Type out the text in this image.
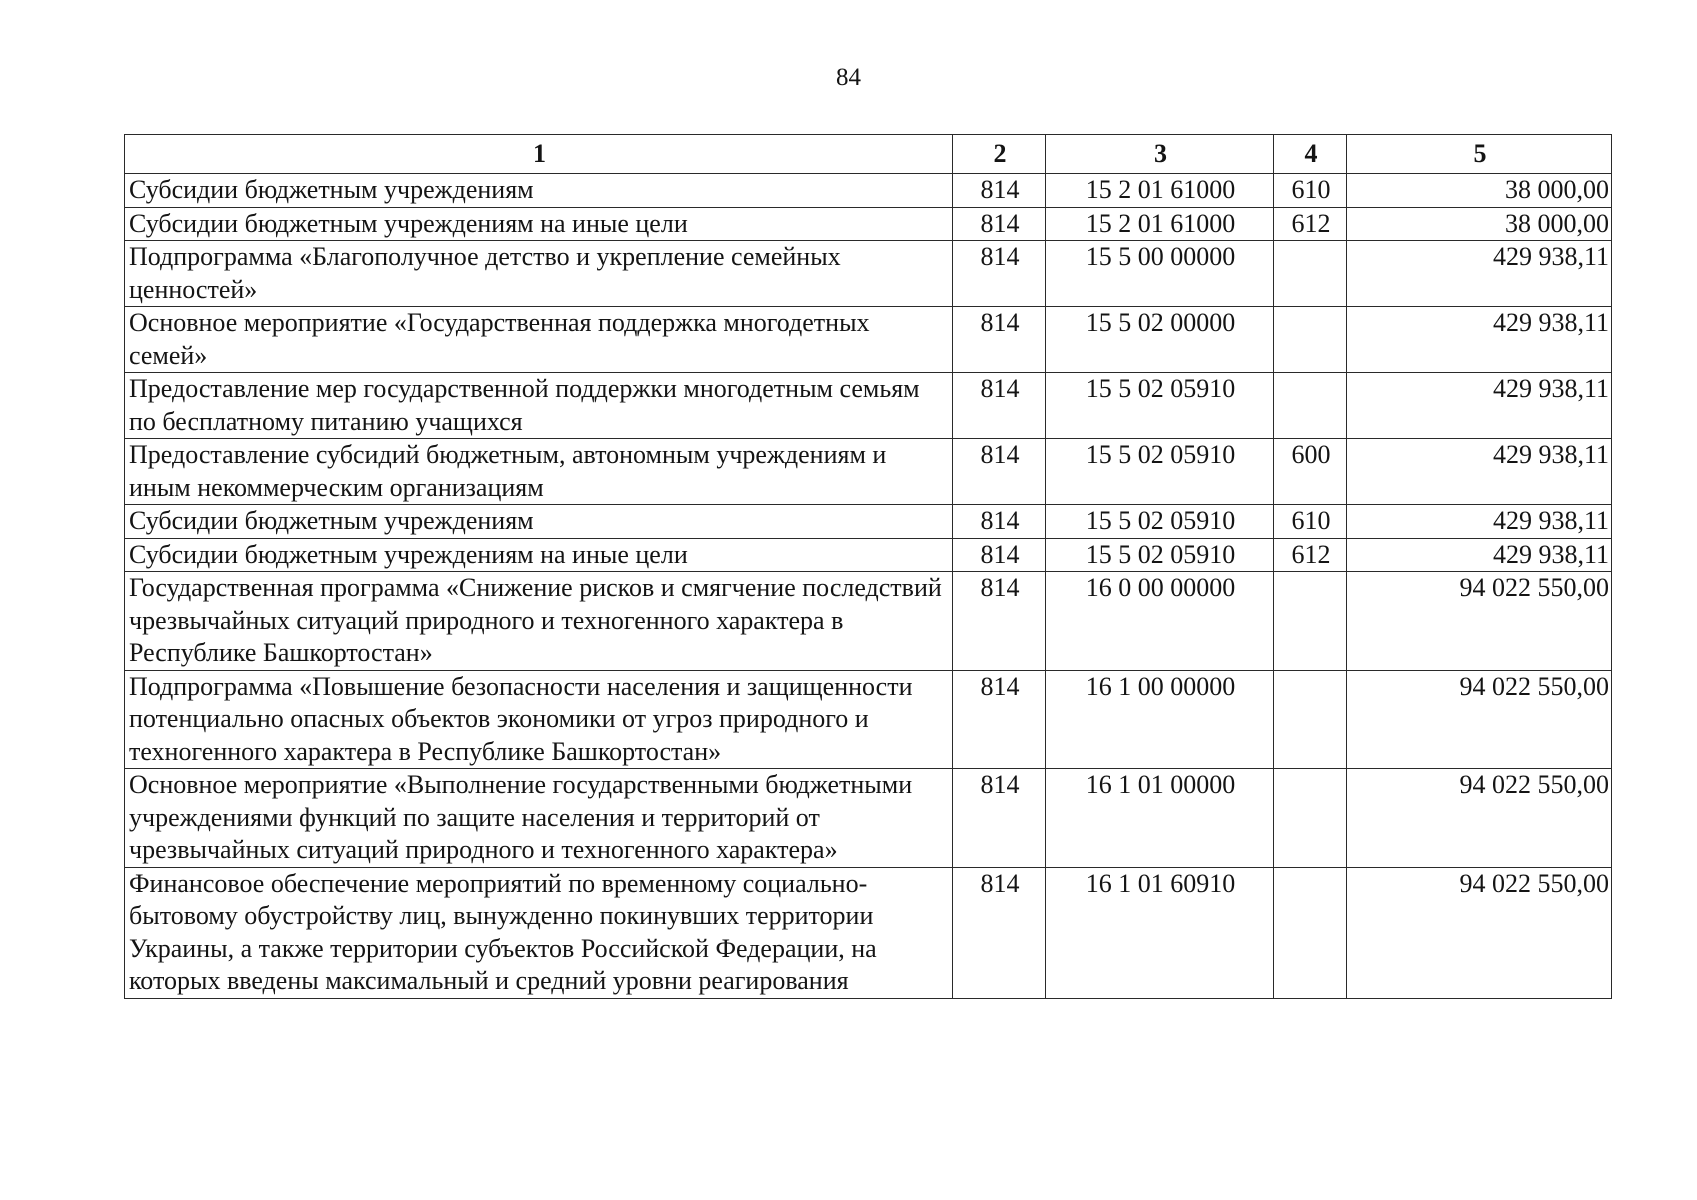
84
1	2	3	4	5
Субсидии бюджетным учреждениям	814	15 2 01 61000	610	38 000,00
Субсидии бюджетным учреждениям на иные цели	814	15 2 01 61000	612	38 000,00
Подпрограмма «Благополучное детство и укрепление семейных ценностей»	814	15 5 00 00000		429 938,11
Основное мероприятие «Государственная поддержка многодетных семей»	814	15 5 02 00000		429 938,11
Предоставление мер государственной поддержки многодетным семьям по бесплатному питанию учащихся	814	15 5 02 05910		429 938,11
Предоставление субсидий бюджетным, автономным учреждениям и иным некоммерческим организациям	814	15 5 02 05910	600	429 938,11
Субсидии бюджетным учреждениям	814	15 5 02 05910	610	429 938,11
Субсидии бюджетным учреждениям на иные цели	814	15 5 02 05910	612	429 938,11
Государственная программа «Снижение рисков и смягчение последствий чрезвычайных ситуаций природного и техногенного характера в Республике Башкортостан»	814	16 0 00 00000		94 022 550,00
Подпрограмма «Повышение безопасности населения и защищенности потенциально опасных объектов экономики от угроз природного и техногенного характера в Республике Башкортостан»	814	16 1 00 00000		94 022 550,00
Основное мероприятие «Выполнение государственными бюджетными учреждениями функций по защите населения и территорий от чрезвычайных ситуаций природного и техногенного характера»	814	16 1 01 00000		94 022 550,00
Финансовое обеспечение мероприятий по временному социально-бытовому обустройству лиц, вынужденно покинувших территории Украины, а также территории субъектов Российской Федерации, на которых введены максимальный и средний уровни реагирования	814	16 1 01 60910		94 022 550,00
